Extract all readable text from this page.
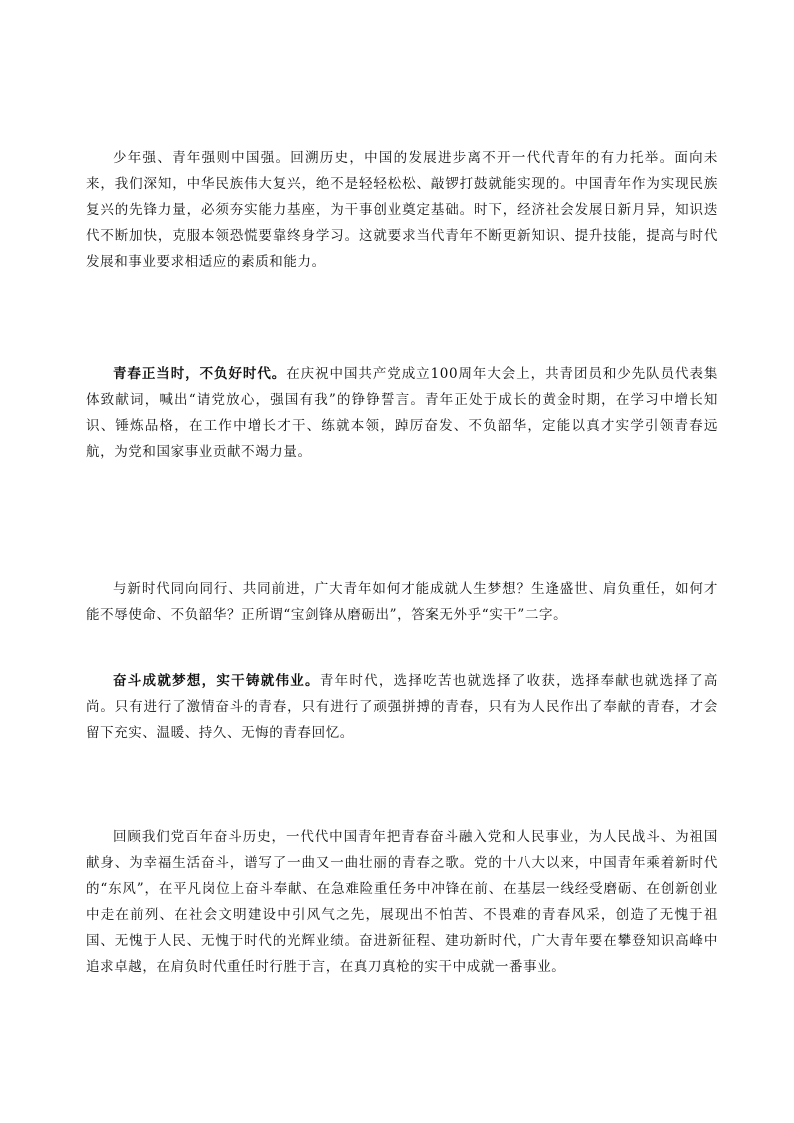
少年强、青年强则中国强。回溯历史，中国的发展进步离不开一代代青年的有力托举。面向未来，我们深知，中华民族伟大复兴，绝不是轻轻松松、敲锣打鼓就能实现的。中国青年作为实现民族复兴的先锋力量，必须夯实能力基座，为干事创业奠定基础。时下，经济社会发展日新月异，知识迭代不断加快，克服本领恐慌要靠终身学习。这就要求当代青年不断更新知识、提升技能，提高与时代发展和事业要求相适应的素质和能力。

青春正当时，不负好时代。在庆祝中国共产党成立100周年大会上，共青团员和少先队员代表集体致献词，喊出“请党放心，强国有我”的铮铮誓言。青年正处于成长的黄金时期，在学习中增长知识、锤炼品格，在工作中增长才干、练就本领，踔厉奋发、不负韶华，定能以真才实学引领青春远航，为党和国家事业贡献不竭力量。

与新时代同向同行、共同前进，广大青年如何才能成就人生梦想？生逢盛世、肩负重任，如何才能不辱使命、不负韶华？正所谓“宝剑锋从磨砺出”，答案无外乎“实干”二字。

奋斗成就梦想，实干铸就伟业。青年时代，选择吃苦也就选择了收获，选择奉献也就选择了高尚。只有进行了激情奋斗的青春，只有进行了顽强拼搏的青春，只有为人民作出了奉献的青春，才会留下充实、温暖、持久、无悔的青春回忆。

回顾我们党百年奋斗历史，一代代中国青年把青春奋斗融入党和人民事业，为人民战斗、为祖国献身、为幸福生活奋斗，谱写了一曲又一曲壮丽的青春之歌。党的十八大以来，中国青年乘着新时代的“东风”，在平凡岗位上奋斗奉献、在急难险重任务中冲锋在前、在基层一线经受磨砺、在创新创业中走在前列、在社会文明建设中引风气之先，展现出不怕苦、不畏难的青春风采，创造了无愧于祖国、无愧于人民、无愧于时代的光辉业绩。奋进新征程、建功新时代，广大青年要在攀登知识高峰中追求卓越，在肩负时代重任时行胜于言，在真刀真枪的实干中成就一番事业。
